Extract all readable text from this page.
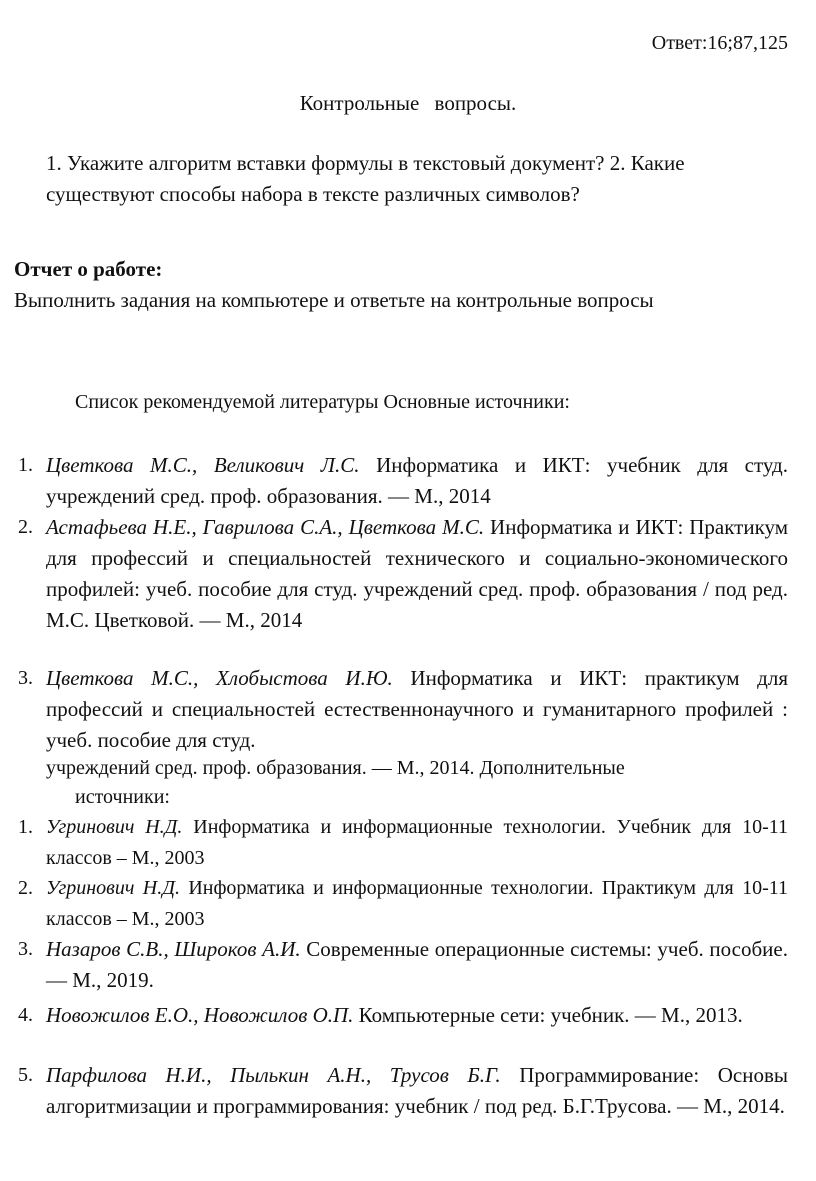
Ответ:16;87,125
Контрольные вопросы.
1. Укажите алгоритм вставки формулы в текстовый документ? 2. Какие существуют способы набора в тексте различных символов?
Отчет о работе:
Выполнить задания на компьютере и ответьте на контрольные вопросы
Список рекомендуемой литературы Основные источники:
1. Цветкова М.С., Великович Л.С. Информатика и ИКТ: учебник для студ. учреждений сред. проф. образования. — М., 2014
2. Астафьева Н.Е., Гаврилова С.А., Цветкова М.С. Информатика и ИКТ: Практикум для профессий и специальностей технического и социально-экономического профилей: учеб. пособие для студ. учреждений сред. проф. образования / под ред. М.С. Цветковой. — М., 2014
3. Цветкова М.С., Хлобыстова И.Ю. Информатика и ИКТ: практикум для профессий и специальностей естественнонаучного и гуманитарного профилей : учеб. пособие для студ.
учреждений сред. проф. образования. — М., 2014. Дополнительные
источники:
1. Угринович Н.Д. Информатика и информационные технологии. Учебник для 10-11 классов – М., 2003
2. Угринович Н.Д. Информатика и информационные технологии. Практикум для 10-11 классов – М., 2003
3. Назаров С.В., Широков А.И. Современные операционные системы: учеб. пособие. — М., 2019.
4. Новожилов Е.О., Новожилов О.П. Компьютерные сети: учебник. — М., 2013.
5. Парфилова Н.И., Пылькин А.Н., Трусов Б.Г. Программирование: Основы алгоритмизации и программирования: учебник / под ред. Б.Г.Трусова. — М., 2014.
